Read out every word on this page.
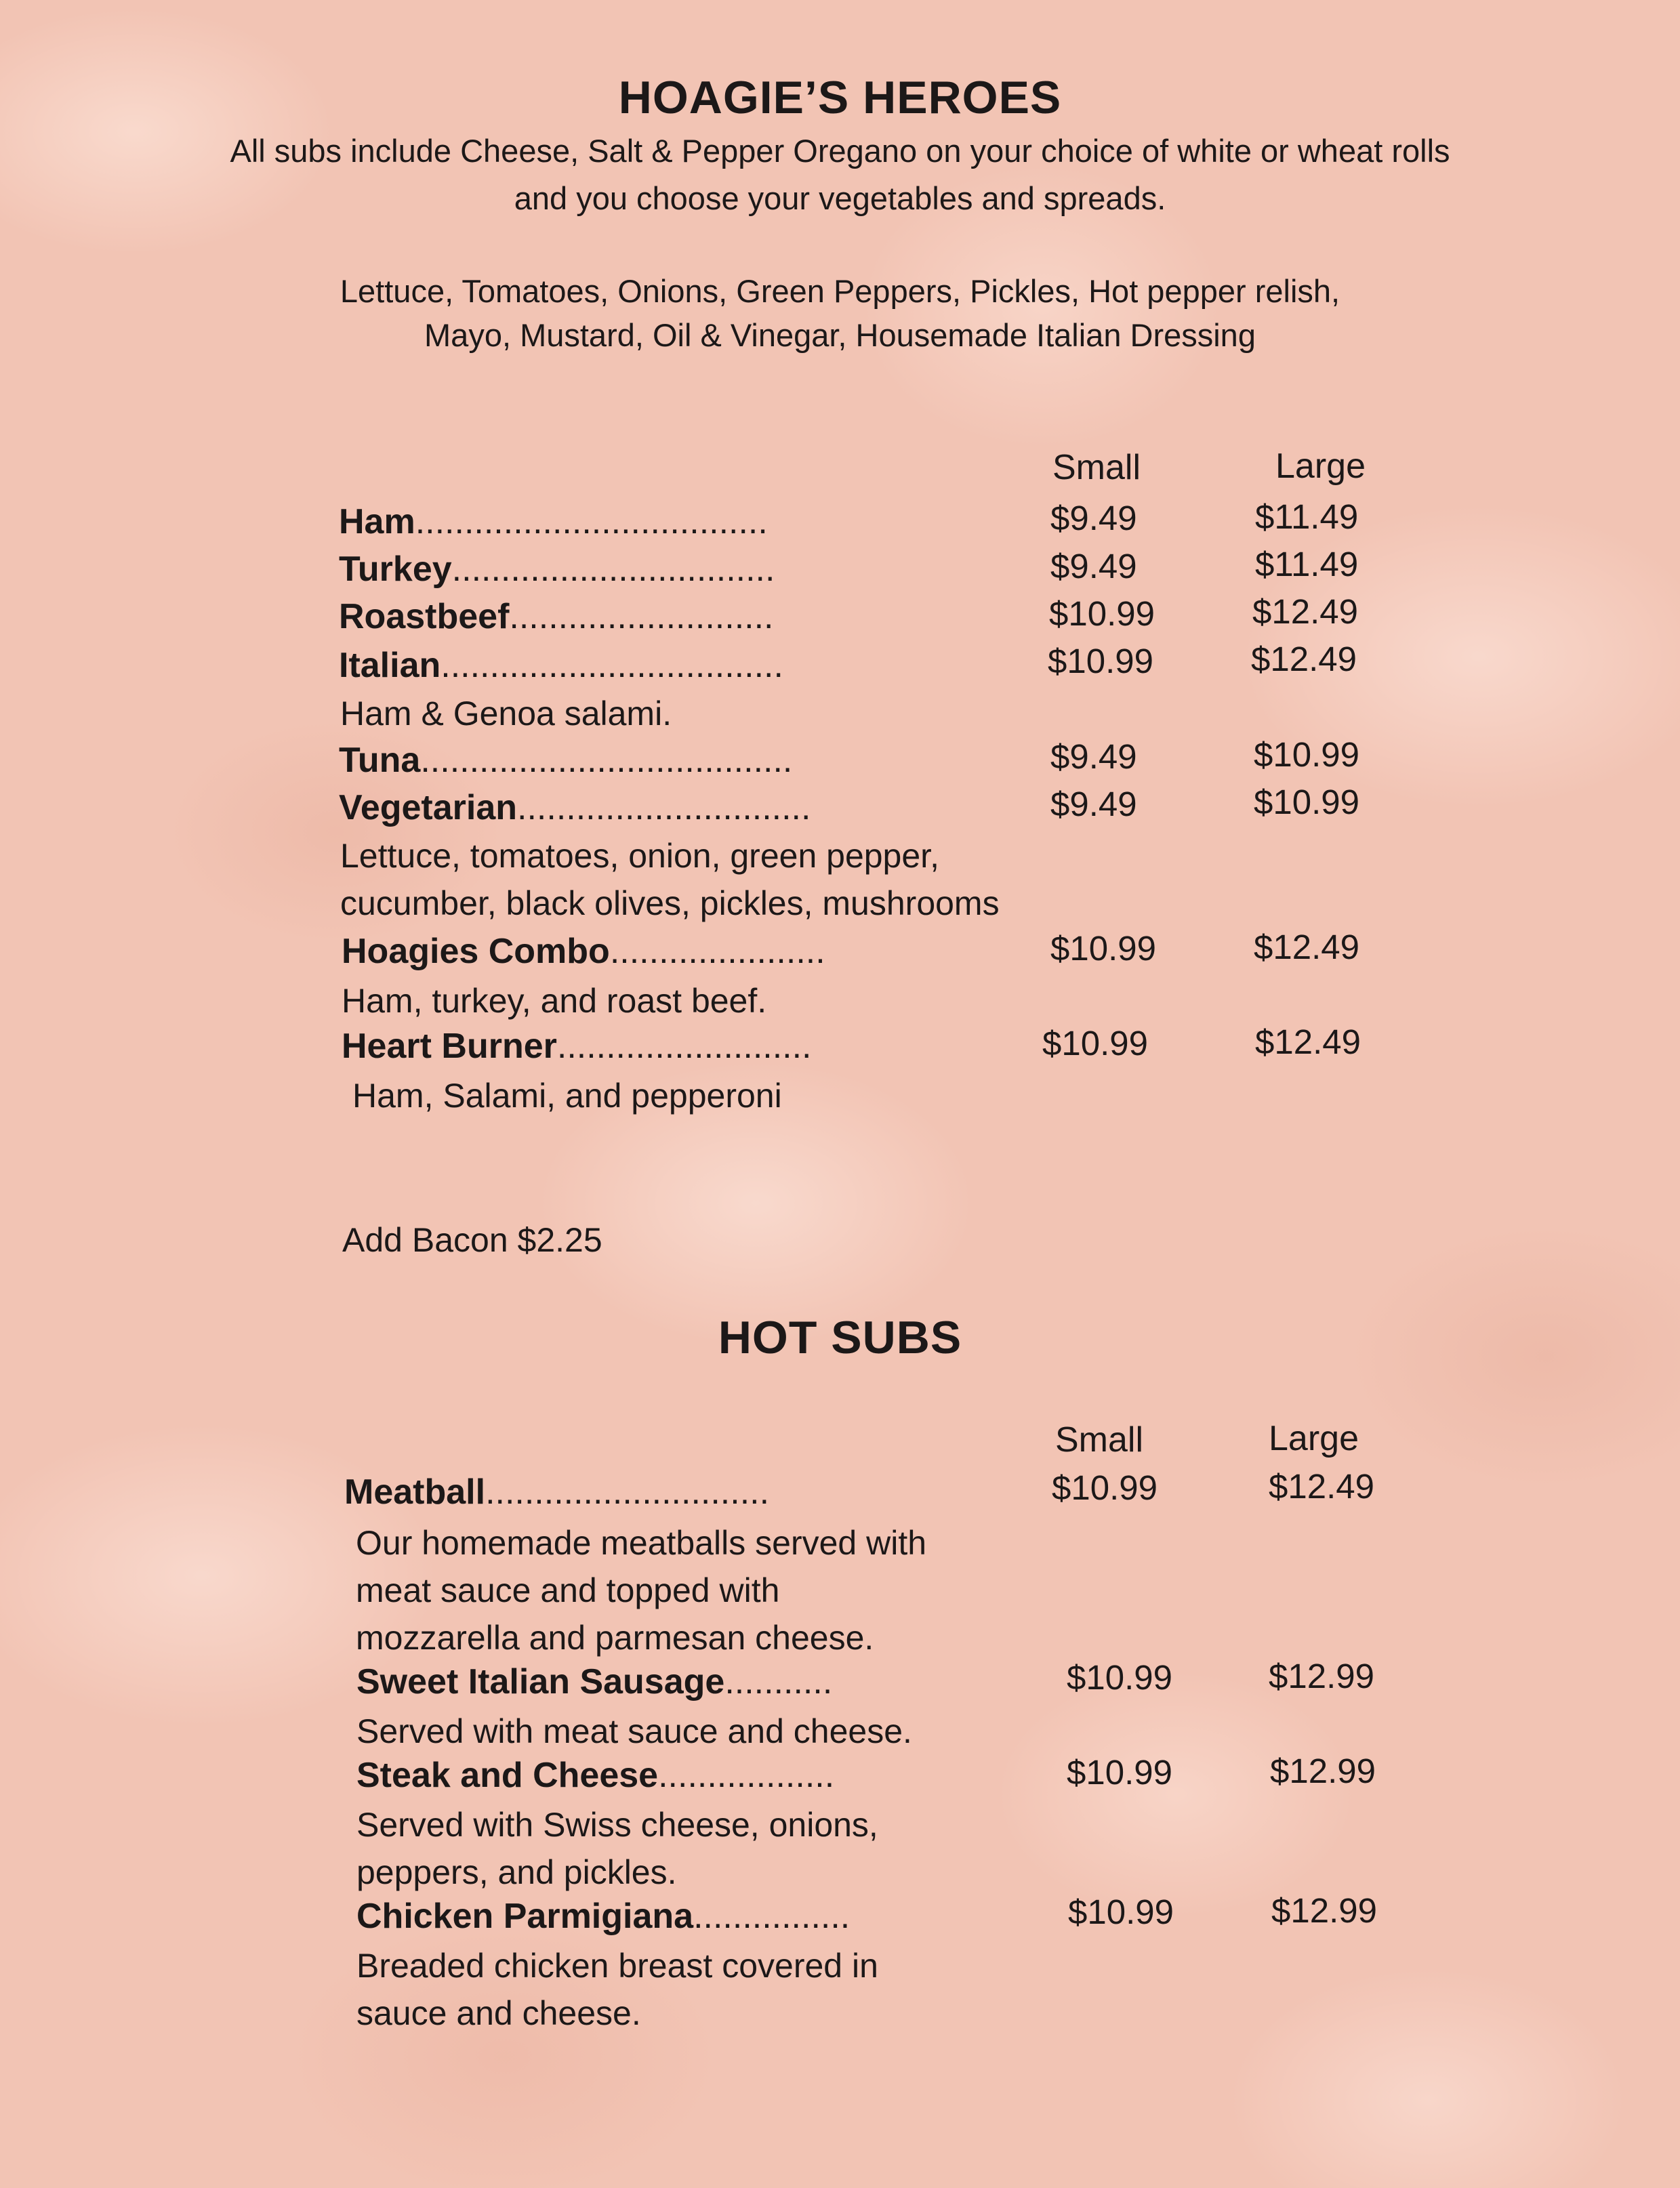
HOAGIE’S HEROES
All subs include Cheese, Salt & Pepper Oregano on your choice of white or wheat rolls
and you choose your vegetables and spreads.
Lettuce, Tomatoes, Onions, Green Peppers, Pickles, Hot pepper relish,
Mayo, Mustard, Oil & Vinegar, Housemade Italian Dressing
Small	Large
Ham....................................	$9.49	$11.49
Turkey.................................	$9.49	$11.49
Roastbeef...........................	$10.99	$12.49
Italian...................................	$10.99	$12.49
Ham & Genoa salami.
Tuna......................................	$9.49	$10.99
Vegetarian..............................	$9.49	$10.99
Lettuce, tomatoes, onion, green pepper,
cucumber, black olives, pickles, mushrooms
Hoagies Combo......................	$10.99	$12.49
Ham, turkey, and roast beef.
Heart Burner..........................	$10.99	$12.49
Ham, Salami, and pepperoni
Add Bacon $2.25
HOT SUBS
Small	Large
Meatball.............................	$10.99	$12.49
Our homemade meatballs served with
meat sauce and topped with
mozzarella and parmesan cheese.
Sweet Italian Sausage...........	$10.99	$12.99
Served with meat sauce and cheese.
Steak and Cheese..................	$10.99	$12.99
Served with Swiss cheese, onions,
peppers, and pickles.
Chicken Parmigiana................	$10.99	$12.99
Breaded chicken breast covered in
sauce and cheese.
